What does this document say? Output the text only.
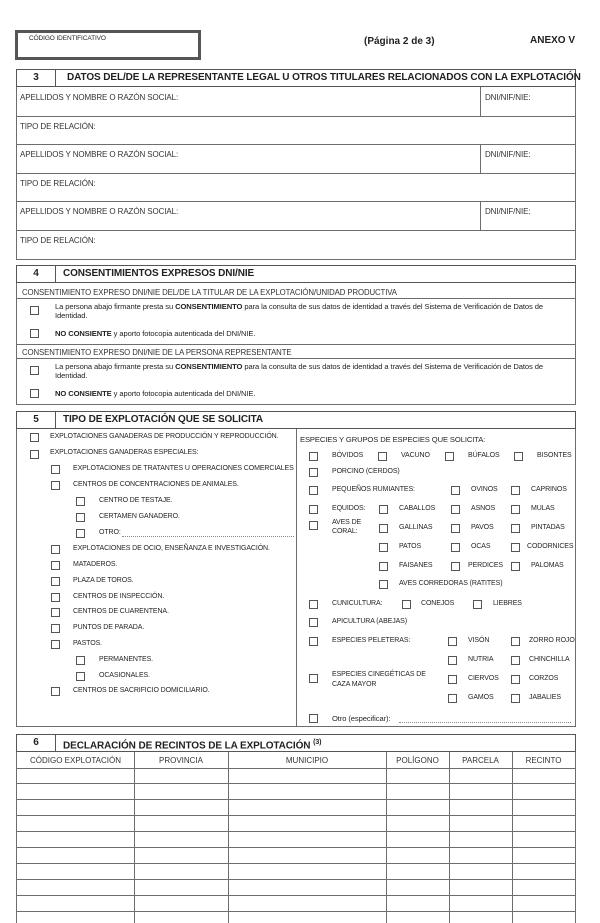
CÓDIGO IDENTIFICATIVO	(Página 2 de 3)	ANEXO V
3	DATOS DEL/DE LA REPRESENTANTE LEGAL U OTROS TITULARES RELACIONADOS CON LA EXPLOTACIÓN
APELLIDOS Y NOMBRE O RAZÓN SOCIAL:	DNI/NIF/NIE:
TIPO DE RELACIÓN:
APELLIDOS Y NOMBRE O RAZÓN SOCIAL:	DNI/NIF/NIE:
TIPO DE RELACIÓN:
APELLIDOS Y NOMBRE O RAZÓN SOCIAL:	DNI/NIF/NIE:
TIPO DE RELACIÓN:
4	CONSENTIMIENTOS EXPRESOS DNI/NIE
CONSENTIMIENTO EXPRESO DNI/NIE DEL/DE LA TITULAR DE LA EXPLOTACIÓN/UNIDAD PRODUCTIVA
La persona abajo firmante presta su CONSENTIMIENTO para la consulta de sus datos de identidad a través del Sistema de Verificación de Datos de Identidad.
NO CONSIENTE y aporto fotocopia autenticada del DNI/NIE.
CONSENTIMIENTO EXPRESO DNI/NIE DE LA PERSONA REPRESENTANTE
La persona abajo firmante presta su CONSENTIMIENTO para la consulta de sus datos de identidad a través del Sistema de Verificación de Datos de Identidad.
NO CONSIENTE y aporto fotocopia autenticada del DNI/NIE.
5	TIPO DE EXPLOTACIÓN QUE SE SOLICITA
EXPLOTACIONES GANADERAS DE PRODUCCIÓN Y REPRODUCCIÓN.
EXPLOTACIONES GANADERAS ESPECIALES:
EXPLOTACIONES DE TRATANTES U OPERACIONES COMERCIALES
CENTROS DE CONCENTRACIONES DE ANIMALES.
CENTRO DE TESTAJE.
CERTAMEN GANADERO.
OTRO:
EXPLOTACIONES DE OCIO, ENSEÑANZA E INVESTIGACIÓN.
MATADEROS.
PLAZA DE TOROS.
CENTROS DE INSPECCIÓN.
CENTROS DE CUARENTENA.
PUNTOS DE PARADA.
PASTOS.
PERMANENTES.
OCASIONALES.
CENTROS DE SACRIFICIO DOMICILIARIO.
ESPECIES Y GRUPOS DE ESPECIES QUE SOLICITA:
BÓVIDOS	VACUNO	BÚFALOS	BISONTES
PORCINO (CERDOS)
PEQUEÑOS RUMIANTES:	OVINOS	CAPRINOS
EQUIDOS:	CABALLOS	ASNOS	MULAS
AVES DE
CORAL:
GALLINAS	PAVOS	PINTADAS
PATOS	OCAS	CODORNICES
FAISANES	PERDICES	PALOMAS
AVES CORREDORAS (RATITES)
CUNICULTURA:	CONEJOS	LIEBRES
APICULTURA (ABEJAS)
ESPECIES PELETERAS:	VISÓN	ZORRO ROJO
NUTRIA	CHINCHILLA
ESPECIES CINEGÉTICAS DE
CAZA MAYOR
CIERVOS	CORZOS
GAMOS	JABALIES
Otro (especificar):
6	DECLARACIÓN DE RECINTOS DE LA EXPLOTACIÓN $^{(3)}$
CÓDIGO EXPLOTACIÓN	PROVINCIA	MUNICIPIO	POLÍGONO	PARCELA	RECINTO
